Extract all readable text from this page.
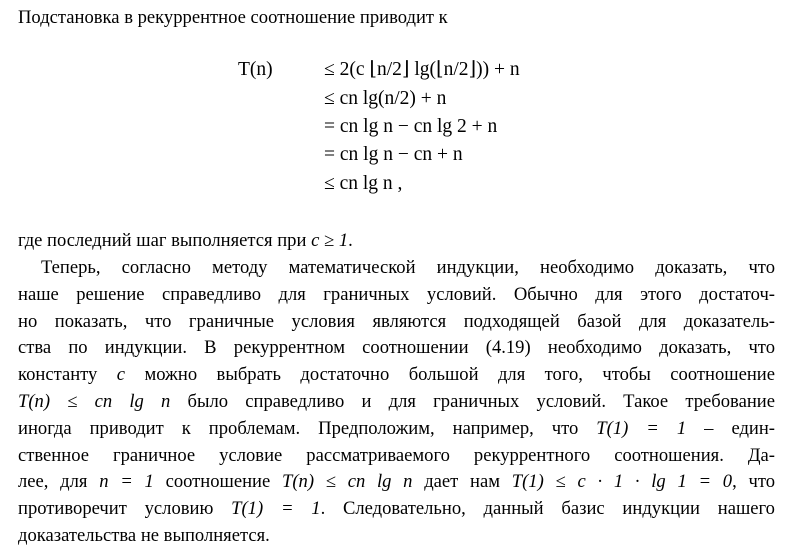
T(n)
Подстановка в рекуррентное соотношение приводит к
≤ 2(c ⌊n/2⌋ lg(⌊n/2⌋)) + n
≤ cn lg(n/2) + n
= cn lg n − cn lg 2 + n
= cn lg n − cn + n
≤ cn lg n ,
где последний шаг выполняется при c ≥ 1.
Теперь, согласно методу математической индукции, необходимо доказать, что
наше решение справедливо для граничных условий. Обычно для этого достаточ-
но показать, что граничные условия являются подходящей базой для доказатель-
ства по индукции. В рекуррентном соотношении (4.19) необходимо доказать, что
константу c можно выбрать достаточно большой для того, чтобы соотношение
T(n) ≤ cn lg n было справедливо и для граничных условий. Такое требование
иногда приводит к проблемам. Предположим, например, что T(1) = 1 – един-
ственное граничное условие рассматриваемого рекуррентного соотношения. Да-
лее, для n = 1 соотношение T(n) ≤ cn lg n дает нам T(1) ≤ c · 1 · lg 1 = 0, что
противоречит условию T(1) = 1. Следовательно, данный базис индукции нашего
доказательства не выполняется.
